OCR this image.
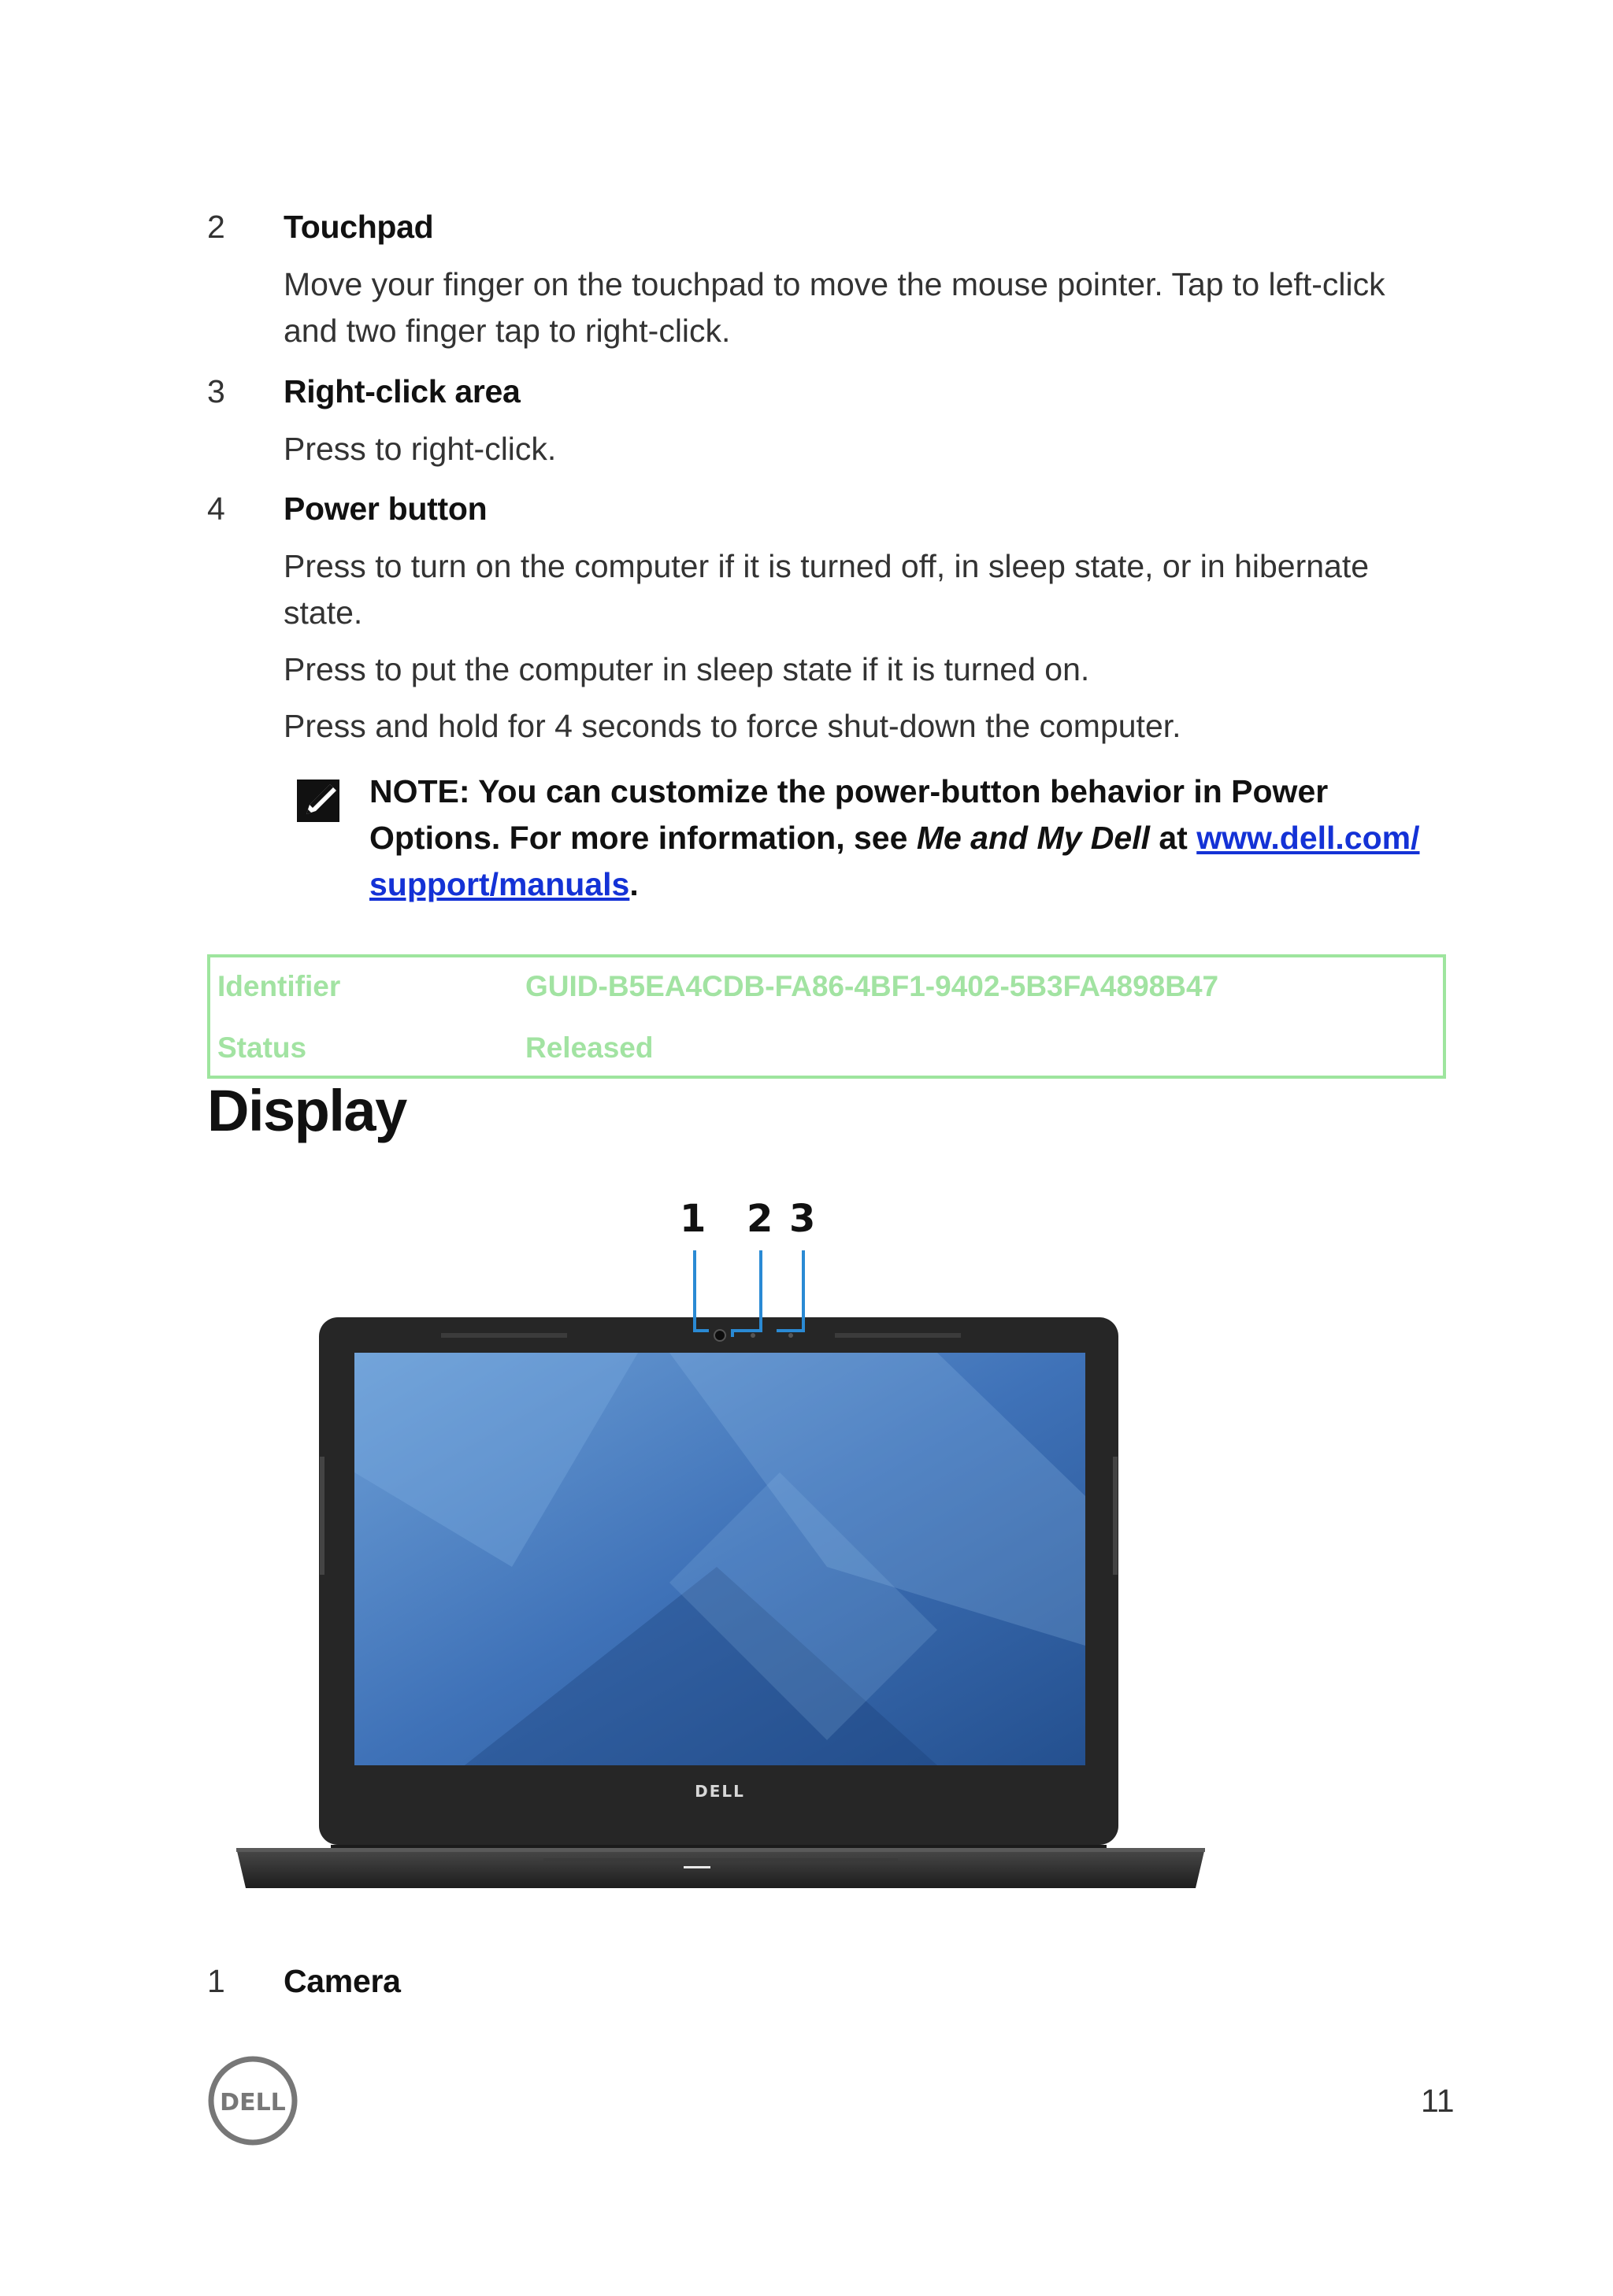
2 Touchpad
Move your finger on the touchpad to move the mouse pointer. Tap to left-click
and two finger tap to right-click.
3 Right-click area
Press to right-click.
4 Power button
Press to turn on the computer if it is turned off, in sleep state, or in hibernate
state.
Press to put the computer in sleep state if it is turned on.
Press and hold for 4 seconds to force shut-down the computer.
NOTE: You can customize the power-button behavior in Power
Options. For more information, see Me and My Dell at www.dell.com/
support/manuals.
Identifier	GUID-B5EA4CDB-FA86-4BF1-9402-5B3FA4898B47
Status	Released
Display
1 2 3
DELL
1 Camera
DELL	11
